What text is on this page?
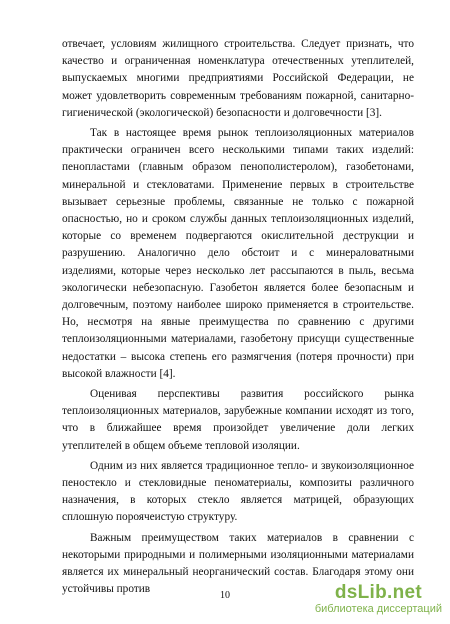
отвечает, условиям жилищного строительства. Следует признать, что качество и ограниченная номенклатура отечественных утеплителей, выпускаемых многими предприятиями Российской Федерации, не может удовлетворить современным требованиям пожарной, санитарно-гигиенической (экологической) безопасности и долговечности [3].

Так в настоящее время рынок теплоизоляционных материалов практически ограничен всего несколькими типами таких изделий: пенопластами (главным образом пенополистеролом), газобетонами, минеральной и стекловатами. Применение первых в строительстве вызывает серьезные проблемы, связанные не только с пожарной опасностью, но и сроком службы данных теплоизоляционных изделий, которые со временем подвергаются окислительной деструкции и разрушению. Аналогично дело обстоит и с минераловатными изделиями, которые через несколько лет рассыпаются в пыль, весьма экологически небезопасную. Газобетон является более безопасным и долговечным, поэтому наиболее широко применяется в строительстве. Но, несмотря на явные преимущества по сравнению с другими теплоизоляционными материалами, газобетону присущи существенные недостатки – высока степень его размягчения (потеря прочности) при высокой влажности [4].

Оценивая перспективы развития российского рынка теплоизоляционных материалов, зарубежные компании исходят из того, что в ближайшее время произойдет увеличение доли легких утеплителей в общем объеме тепловой изоляции.

Одним из них является традиционное тепло- и звукоизоляционное пеностекло и стекловидные пеноматериалы, композиты различного назначения, в которых стекло является матрицей, образующих сплошную пороячеистую структуру.

Важным преимуществом таких материалов в сравнении с некоторыми природными и полимерными изоляционными материалами является их минеральный неорганический состав. Благодаря этому они устойчивы против

10	dsLib.net
библиотека диссертаций
